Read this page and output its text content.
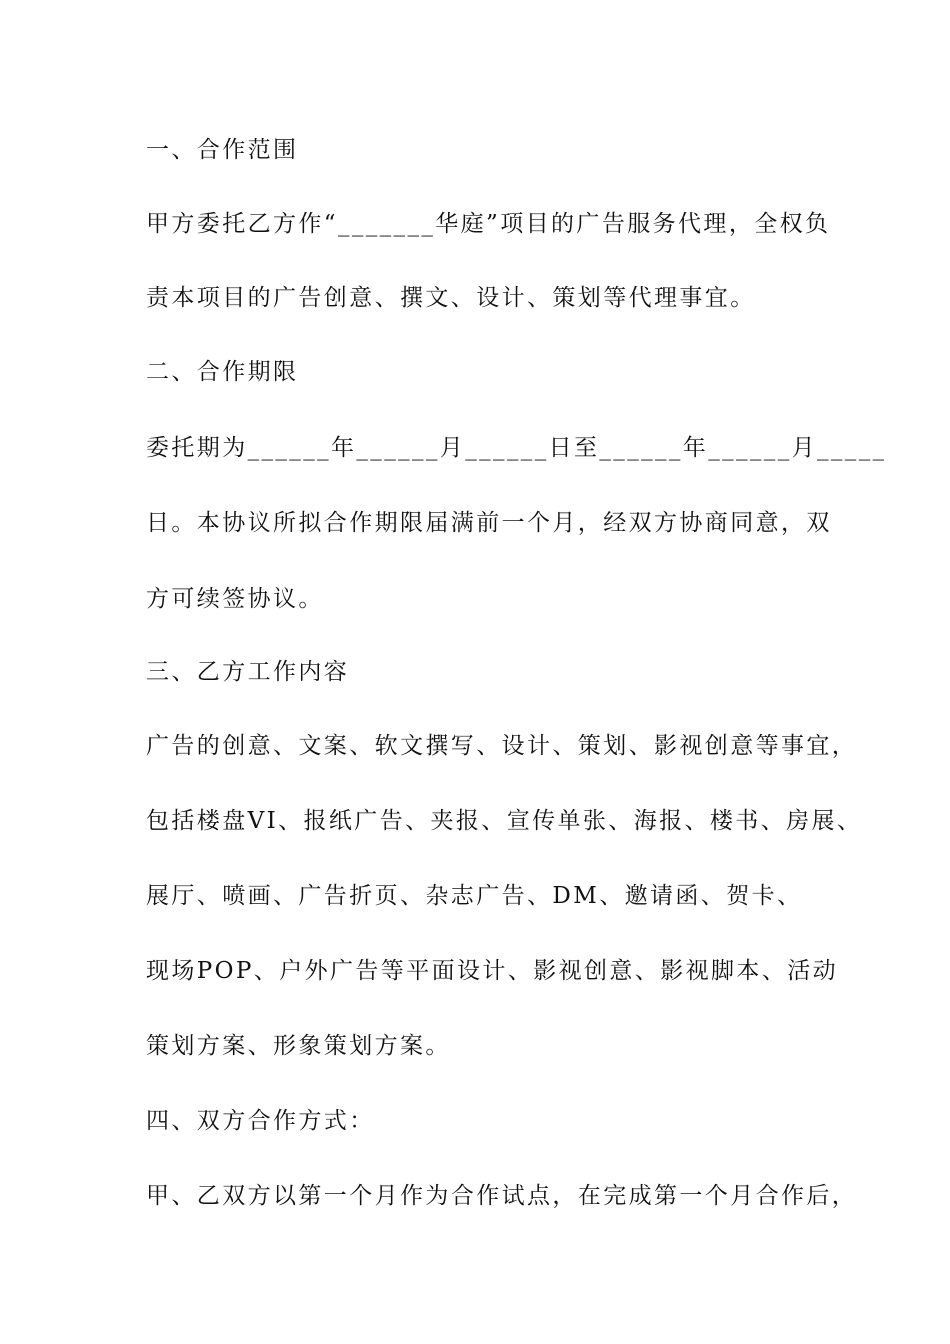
一、合作范围
甲方委托乙方作“_______华庭”项目的广告服务代理，全权负
责本项目的广告创意、撰文、设计、策划等代理事宜。
二、合作期限
委托期为______年______月______日至______年______月_____
日。本协议所拟合作期限届满前一个月，经双方协商同意，双
方可续签协议。
三、乙方工作内容
广告的创意、文案、软文撰写、设计、策划、影视创意等事宜，
包括楼盘VI、报纸广告、夹报、宣传单张、海报、楼书、房展、
展厅、喷画、广告折页、杂志广告、DM、邀请函、贺卡、
现场POP、户外广告等平面设计、影视创意、影视脚本、活动
策划方案、形象策划方案。
四、双方合作方式：
甲、乙双方以第一个月作为合作试点，在完成第一个月合作后，
